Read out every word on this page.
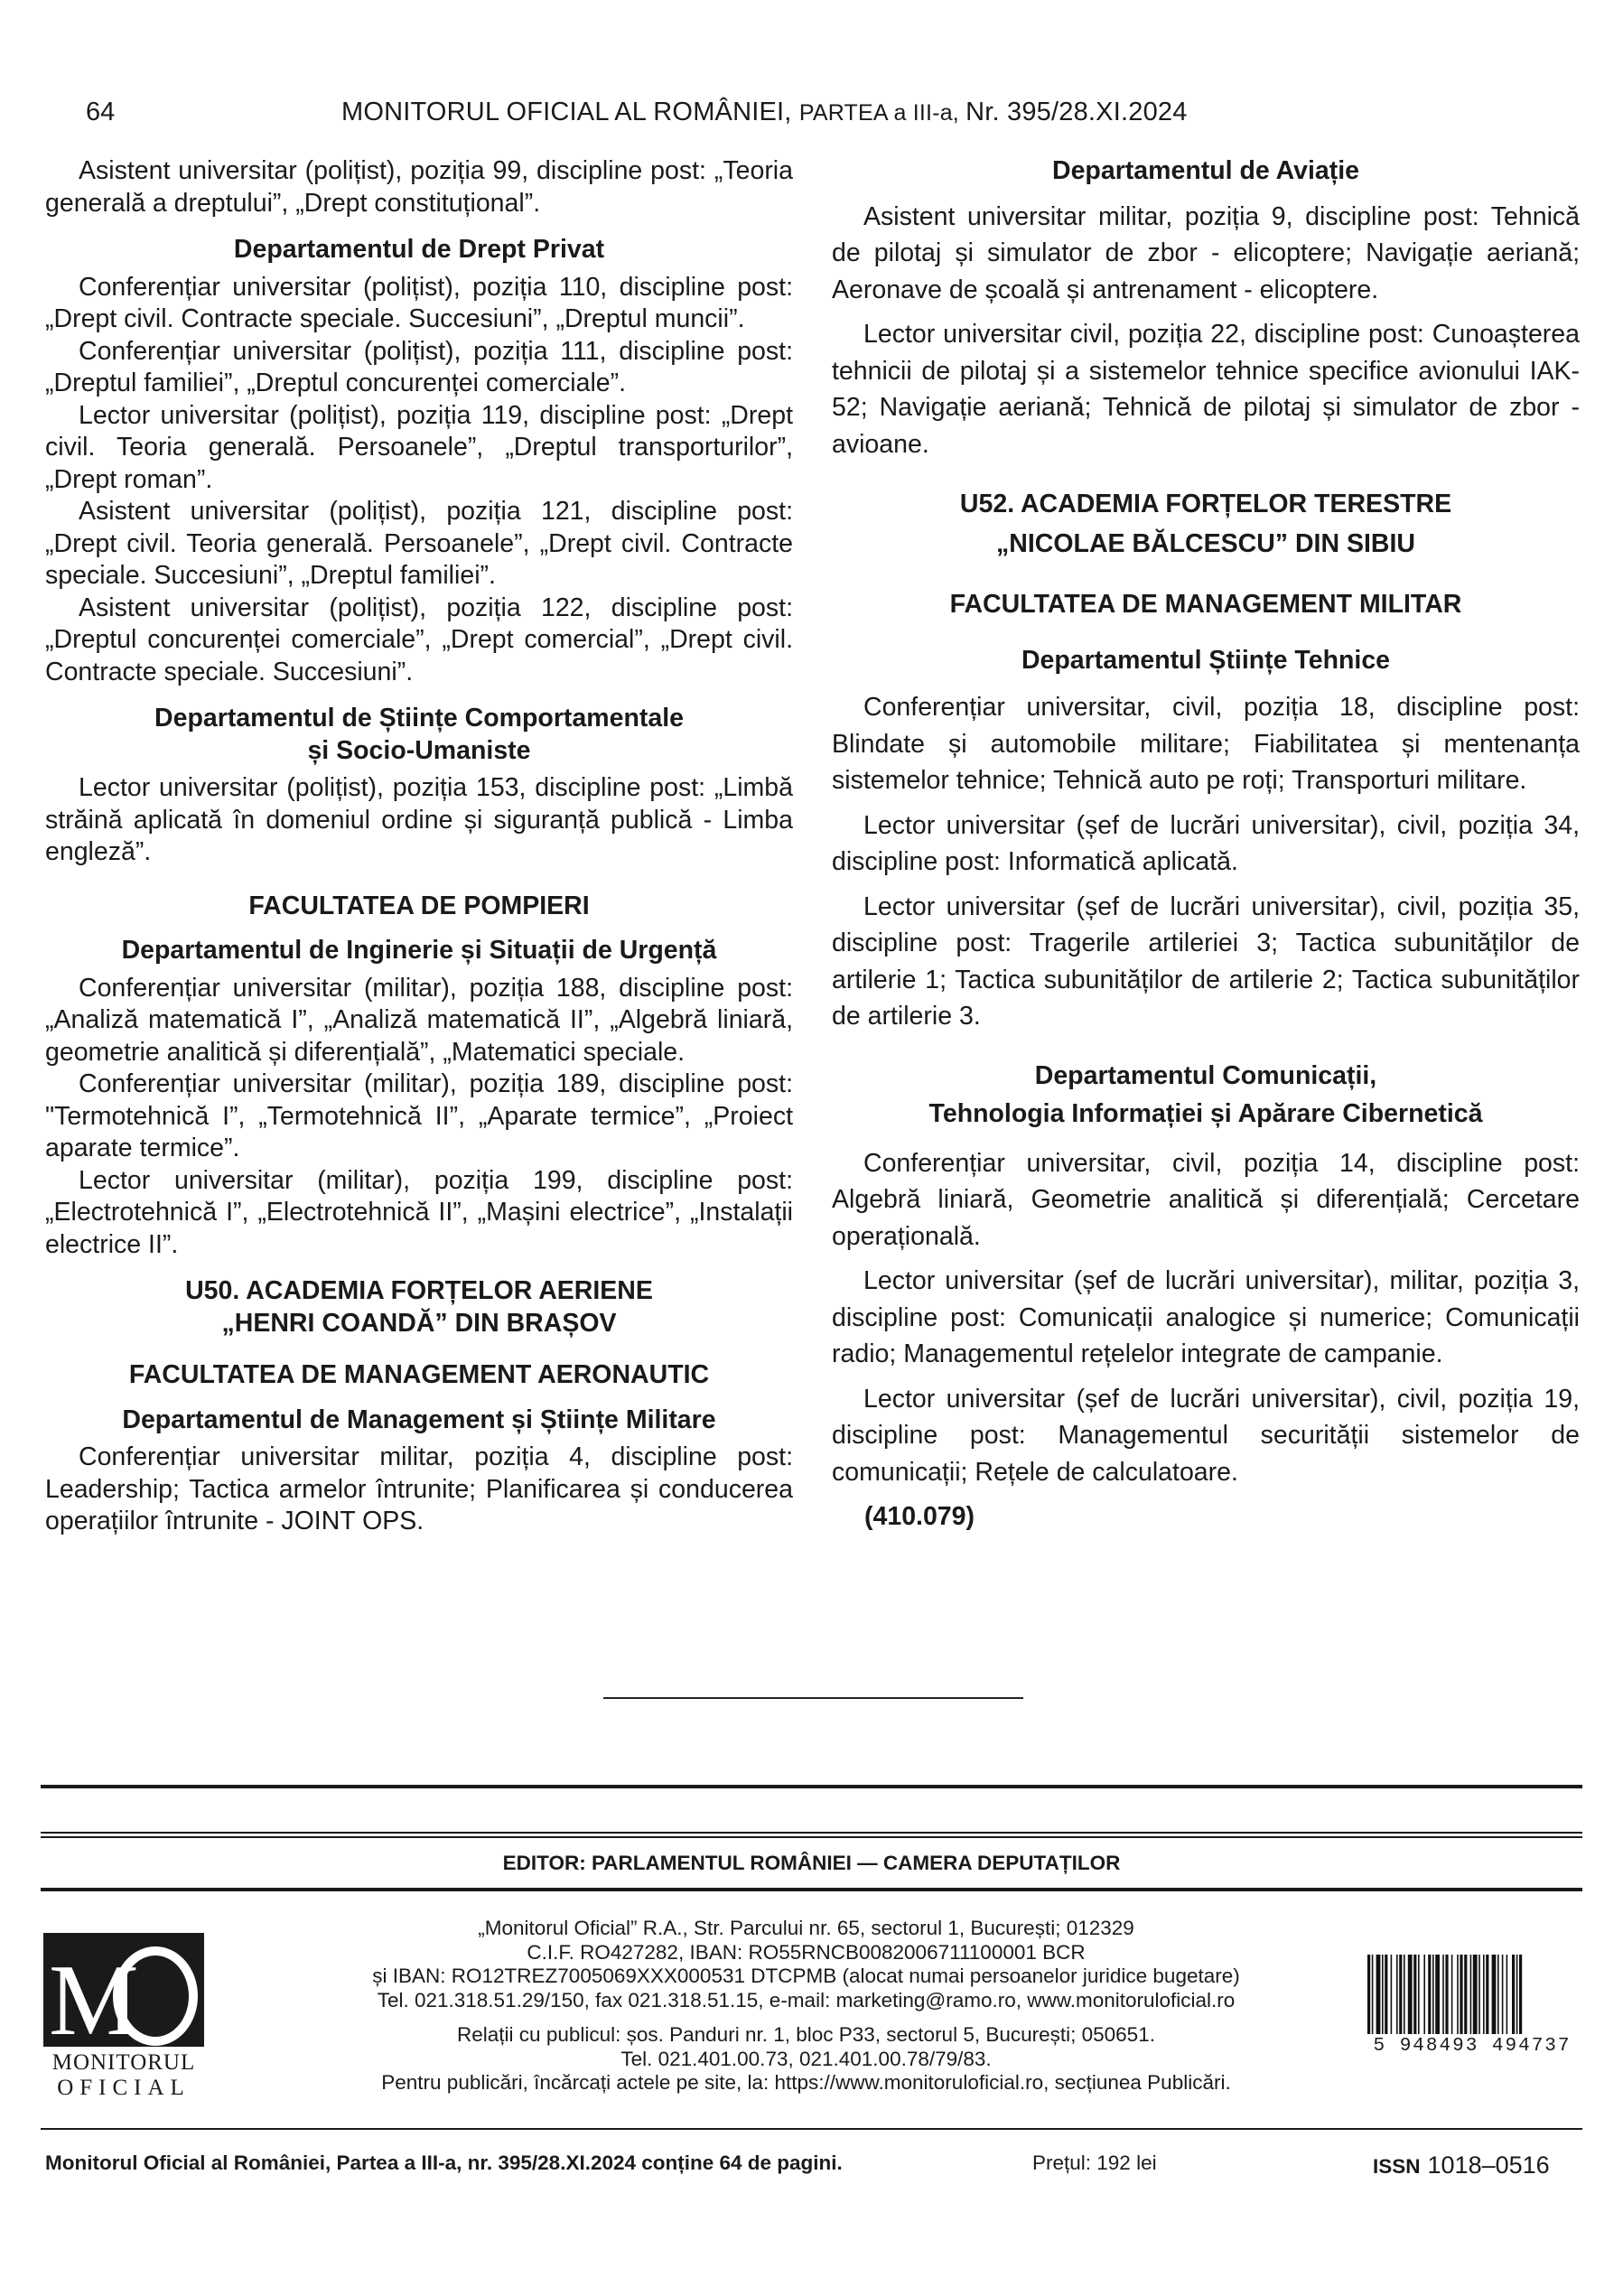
64	MONITORUL OFICIAL AL ROMÂNIEI, PARTEA a III-a, Nr. 395/28.XI.2024

Asistent universitar (polițist), poziția 99, discipline post: „Teoria generală a dreptului”, „Drept constituțional”.

Departamentul de Drept Privat

Conferențiar universitar (polițist), poziția 110, discipline post: „Drept civil. Contracte speciale. Succesiuni”, „Dreptul muncii”.

Conferențiar universitar (polițist), poziția 111, discipline post: „Dreptul familiei”, „Dreptul concurenței comerciale”.

Lector universitar (polițist), poziția 119, discipline post: „Drept civil. Teoria generală. Persoanele”, „Dreptul transporturilor”, „Drept roman”.

Asistent universitar (polițist), poziția 121, discipline post: „Drept civil. Teoria generală. Persoanele”, „Drept civil. Contracte speciale. Succesiuni”, „Dreptul familiei”.

Asistent universitar (polițist), poziția 122, discipline post: „Dreptul concurenței comerciale”, „Drept comercial”, „Drept civil. Contracte speciale. Succesiuni”.

Departamentul de Științe Comportamentale

și Socio-Umaniste

Lector universitar (polițist), poziția 153, discipline post: „Limbă străină aplicată în domeniul ordine și siguranță publică - Limba engleză”.

FACULTATEA DE POMPIERI

Departamentul de Inginerie și Situații de Urgență

Conferențiar universitar (militar), poziția 188, discipline post: „Analiză matematică I”, „Analiză matematică II”, „Algebră liniară, geometrie analitică și diferențială”, „Matematici speciale.

Conferențiar universitar (militar), poziția 189, discipline post: "Termotehnică I”, „Termotehnică II”, „Aparate termice”, „Proiect aparate termice”.

Lector universitar (militar), poziția 199, discipline post: „Electrotehnică I”, „Electrotehnică II”, „Mașini electrice”, „Instalații electrice II”.

U50. ACADEMIA FORȚELOR AERIENE

„HENRI COANDĂ” DIN BRAȘOV

FACULTATEA DE MANAGEMENT AERONAUTIC

Departamentul de Management și Științe Militare

Conferențiar universitar militar, poziția 4, discipline post: Leadership; Tactica armelor întrunite; Planificarea și conducerea operațiilor întrunite - JOINT OPS.

Departamentul de Aviație

Asistent universitar militar, poziția 9, discipline post: Tehnică de pilotaj și simulator de zbor - elicoptere; Navigație aeriană; Aeronave de școală și antrenament - elicoptere.

Lector universitar civil, poziția 22, discipline post: Cunoașterea tehnicii de pilotaj și a sistemelor tehnice specifice avionului IAK-52; Navigație aeriană; Tehnică de pilotaj și simulator de zbor - avioane.

U52. ACADEMIA FORȚELOR TERESTRE

„NICOLAE BĂLCESCU” DIN SIBIU

FACULTATEA DE MANAGEMENT MILITAR

Departamentul Științe Tehnice

Conferențiar universitar, civil, poziția 18, discipline post: Blindate și automobile militare; Fiabilitatea și mentenanța sistemelor tehnice; Tehnică auto pe roți; Transporturi militare.

Lector universitar (șef de lucrări universitar), civil, poziția 34, discipline post: Informatică aplicată.

Lector universitar (șef de lucrări universitar), civil, poziția 35, discipline post: Tragerile artileriei 3; Tactica subunităților de artilerie 1; Tactica subunităților de artilerie 2; Tactica subunităților de artilerie 3.

Departamentul Comunicații,

Tehnologia Informației și Apărare Cibernetică

Conferențiar universitar, civil, poziția 14, discipline post: Algebră liniară, Geometrie analitică și diferențială; Cercetare operațională.

Lector universitar (șef de lucrări universitar), militar, poziția 3, discipline post: Comunicații analogice și numerice; Comunicații radio; Managementul rețelelor integrate de campanie.

Lector universitar (șef de lucrări universitar), civil, poziția 19, discipline post: Managementul securității sistemelor de comunicații; Rețele de calculatoare.

(410.079)

EDITOR: PARLAMENTUL ROMÂNIEI — CAMERA DEPUTAȚILOR
M
MONITORUL
OFICIAL

„Monitorul Oficial” R.A., Str. Parcului nr. 65, sectorul 1, București; 012329

C.I.F. RO427282, IBAN: RO55RNCB0082006711100001 BCR

și IBAN: RO12TREZ7005069XXX000531 DTCPMB (alocat numai persoanelor juridice bugetare)

Tel. 021.318.51.29/150, fax 021.318.51.15, e-mail: marketing@ramo.ro, www.monitoruloficial.ro

Relații cu publicul: șos. Panduri nr. 1, bloc P33, sectorul 5, București; 050651.

Tel. 021.401.00.73, 021.401.00.78/79/83.

Pentru publicări, încărcați actele pe site, la: https://www.monitoruloficial.ro, secțiunea Publicări.

5 948493 494737
Monitorul Oficial al României, Partea a III-a, nr. 395/28.XI.2024 conține 64 de pagini.	Prețul: 192 lei	ISSN 1018–0516
